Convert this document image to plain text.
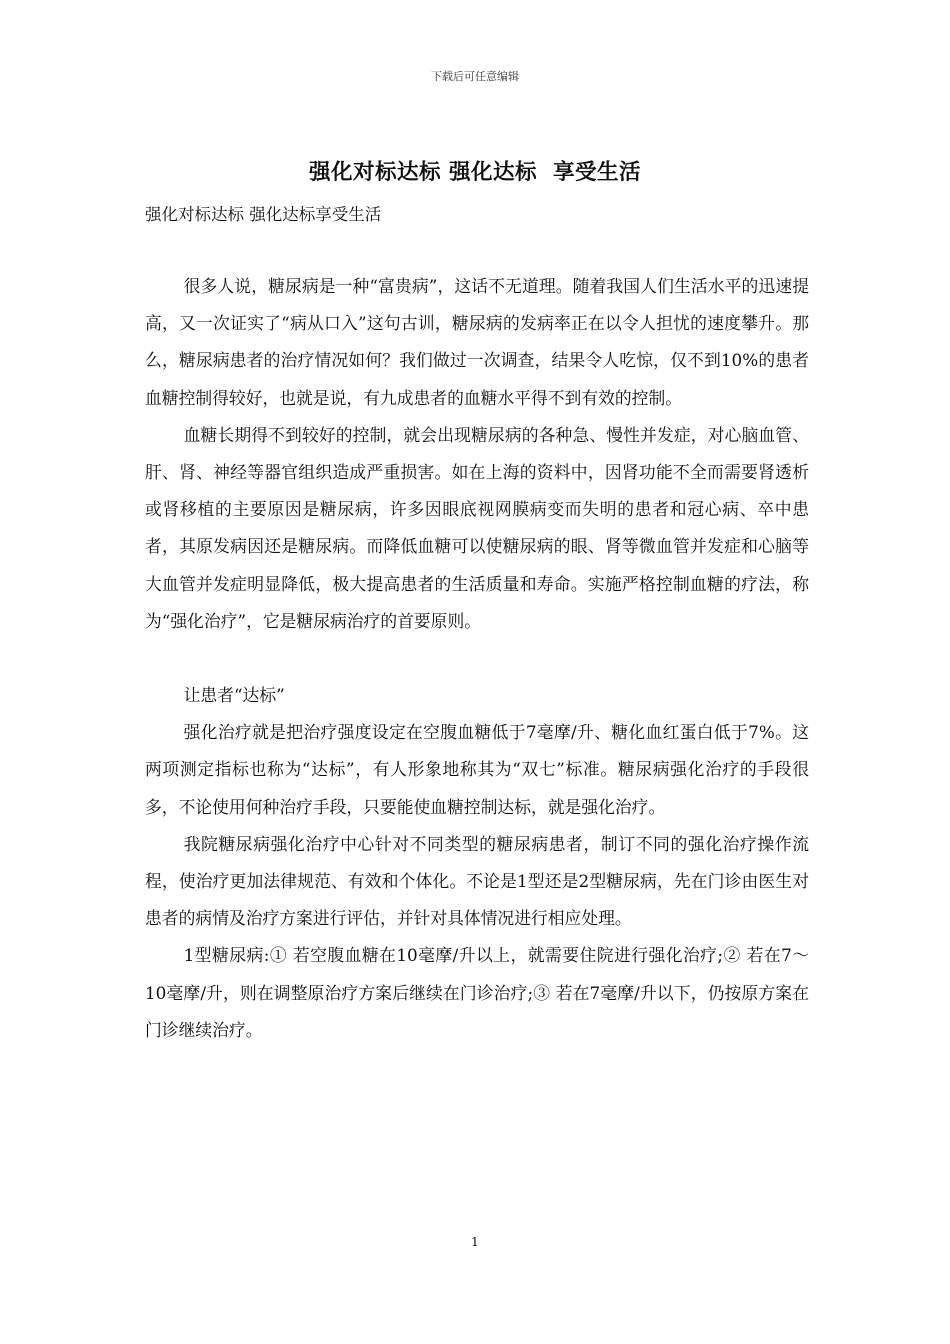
下载后可任意编辑
强化对标达标 强化达标  享受生活
强化对标达标 强化达标享受生活

很多人说，糖尿病是一种“富贵病”，这话不无道理。随着我国人们生活水平的迅速提高，又一次证实了“病从口入”这句古训，糖尿病的发病率正在以令人担忧的速度攀升。那么，糖尿病患者的治疗情况如何？我们做过一次调查，结果令人吃惊，仅不到10%的患者血糖控制得较好，也就是说，有九成患者的血糖水平得不到有效的控制。

血糖长期得不到较好的控制，就会出现糖尿病的各种急、慢性并发症，对心脑血管、肝、肾、神经等器官组织造成严重损害。如在上海的资料中，因肾功能不全而需要肾透析或肾移植的主要原因是糖尿病，许多因眼底视网膜病变而失明的患者和冠心病、卒中患者，其原发病因还是糖尿病。而降低血糖可以使糖尿病的眼、肾等微血管并发症和心脑等大血管并发症明显降低，极大提高患者的生活质量和寿命。实施严格控制血糖的疗法，称为“强化治疗”，它是糖尿病治疗的首要原则。

让患者“达标”

强化治疗就是把治疗强度设定在空腹血糖低于7毫摩/升、糖化血红蛋白低于7%。这两项测定指标也称为“达标”，有人形象地称其为“双七”标准。糖尿病强化治疗的手段很多，不论使用何种治疗手段，只要能使血糖控制达标，就是强化治疗。

我院糖尿病强化治疗中心针对不同类型的糖尿病患者，制订不同的强化治疗操作流程，使治疗更加法律规范、有效和个体化。不论是1型还是2型糖尿病，先在门诊由医生对患者的病情及治疗方案进行评估，并针对具体情况进行相应处理。

1型糖尿病:① 若空腹血糖在10毫摩/升以上，就需要住院进行强化治疗;② 若在7～10毫摩/升，则在调整原治疗方案后继续在门诊治疗;③ 若在7毫摩/升以下，仍按原方案在门诊继续治疗。

1
